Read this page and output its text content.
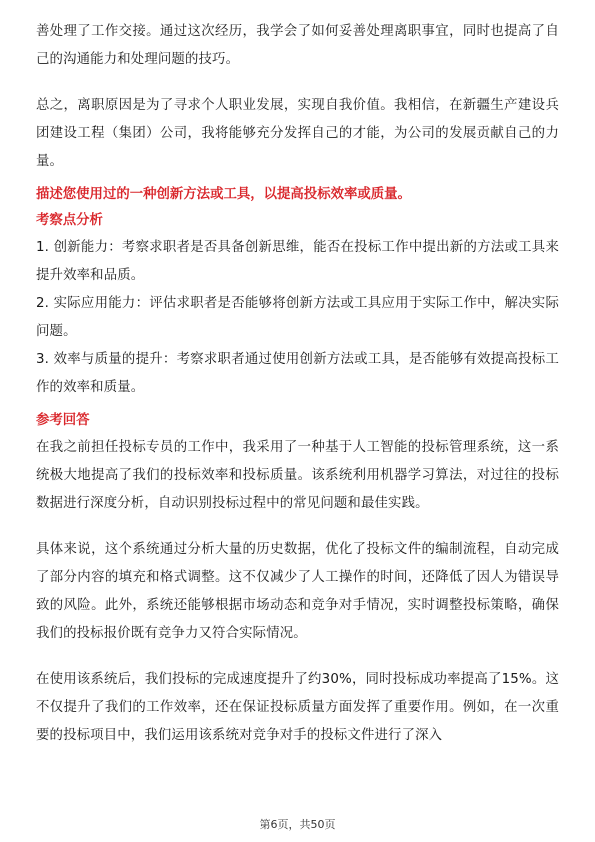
善处理了工作交接。通过这次经历，我学会了如何妥善处理离职事宜，同时也提高了自己的沟通能力和处理问题的技巧。

总之，离职原因是为了寻求个人职业发展，实现自我价值。我相信，在新疆生产建设兵团建设工程（集团）公司，我将能够充分发挥自己的才能，为公司的发展贡献自己的力量。

描述您使用过的一种创新方法或工具，以提高投标效率或质量。

考察点分析

1. 创新能力：考察求职者是否具备创新思维，能否在投标工作中提出新的方法或工具来提升效率和品质。

2. 实际应用能力：评估求职者是否能够将创新方法或工具应用于实际工作中，解决实际问题。

3. 效率与质量的提升：考察求职者通过使用创新方法或工具，是否能够有效提高投标工作的效率和质量。

参考回答

在我之前担任投标专员的工作中，我采用了一种基于人工智能的投标管理系统，这一系统极大地提高了我们的投标效率和投标质量。该系统利用机器学习算法，对过往的投标数据进行深度分析，自动识别投标过程中的常见问题和最佳实践。

具体来说，这个系统通过分析大量的历史数据，优化了投标文件的编制流程，自动完成了部分内容的填充和格式调整。这不仅减少了人工操作的时间，还降低了因人为错误导致的风险。此外，系统还能够根据市场动态和竞争对手情况，实时调整投标策略，确保我们的投标报价既有竞争力又符合实际情况。

在使用该系统后，我们投标的完成速度提升了约30%，同时投标成功率提高了15%。这不仅提升了我们的工作效率，还在保证投标质量方面发挥了重要作用。例如，在一次重要的投标项目中，我们运用该系统对竞争对手的投标文件进行了深入

第6页，共50页
